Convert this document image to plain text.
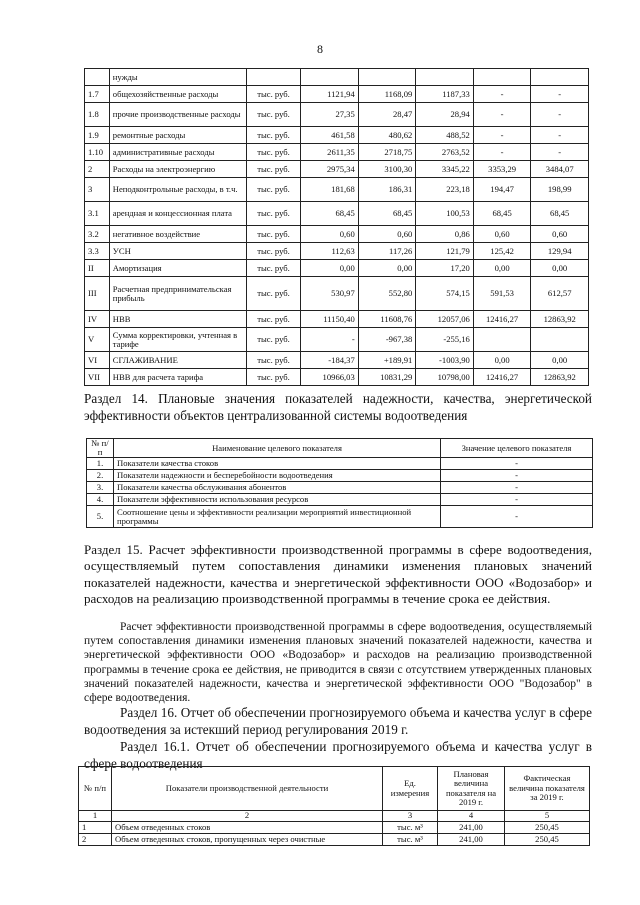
8
	нужды						
1.7	общехозяйственные расходы	тыс. руб.	1121,94	1168,09	1187,33	-	-
1.8	прочие производственные расходы	тыс. руб.	27,35	28,47	28,94	-	-
1.9	ремонтные расходы	тыс. руб.	461,58	480,62	488,52	-	-
1.10	административные расходы	тыс. руб.	2611,35	2718,75	2763,52	-	-
2	Расходы на электроэнергию	тыс. руб.	2975,34	3100,30	3345,22	3353,29	3484,07
3	Неподконтрольные расходы, в т.ч.	тыс. руб.	181,68	186,31	223,18	194,47	198,99
3.1	арендная и концессионная плата	тыс. руб.	68,45	68,45	100,53	68,45	68,45
3.2	негативное воздействие	тыс. руб.	0,60	0,60	0,86	0,60	0,60
3.3	УСН	тыс. руб.	112,63	117,26	121,79	125,42	129,94
II	Амортизация	тыс. руб.	0,00	0,00	17,20	0,00	0,00
III	Расчетная предпринимательская прибыль	тыс. руб.	530,97	552,80	574,15	591,53	612,57
IV	НВВ	тыс. руб.	11150,40	11608,76	12057,06	12416,27	12863,92
V	Сумма корректировки, учтенная в тарифе	тыс. руб.	-	-967,38	-255,16		
VI	СГЛАЖИВАНИЕ	тыс. руб.	-184,37	+189,91	-1003,90	0,00	0,00
VII	НВВ для расчета тарифа	тыс. руб.	10966,03	10831,29	10798,00	12416,27	12863,92

Раздел 14. Плановые значения показателей надежности, качества, энергетической эффективности объектов централизованной системы водоотведения

№ п/п	Наименование целевого показателя	Значение целевого показателя
1.	Показатели качества стоков	-
2.	Показатели надежности и бесперебойности водоотведения	-
3.	Показатели качества обслуживания абонентов	-
4.	Показатели эффективности использования ресурсов	-
5.	Соотношение цены и эффективности реализации мероприятий инвестиционной программы	-

Раздел 15. Расчет эффективности производственной программы в сфере водоотведения, осуществляемый путем сопоставления динамики изменения плановых значений показателей надежности, качества и энергетической эффективности ООО «Водозабор» и расходов на реализацию производственной программы в течение срока ее действия.

Расчет эффективности производственной программы в сфере водоотведения, осуществляемый путем сопоставления динамики изменения плановых значений показателей надежности, качества и энергетической эффективности ООО «Водозабор» и расходов на реализацию производственной программы в течение срока ее действия, не приводится в связи с отсутствием утвержденных плановых значений показателей надежности, качества и энергетической эффективности ООО "Водозабор" в сфере водоотведения.

Раздел 16. Отчет об обеспечении прогнозируемого объема и качества услуг в сфере водоотведения за истекший период регулирования 2019 г.

Раздел 16.1. Отчет об обеспечении прогнозируемого объема и качества услуг в сфере водоотведения

№ п/п	Показатели производственной деятельности	Ед. измерения	Плановая величина показателя на 2019 г.	Фактическая величина показателя за 2019 г.
1	2	3	4	5
1	Объем отведенных стоков	тыс. м³	241,00	250,45
2	Объем отведенных стоков, пропущенных через очистные	тыс. м³	241,00	250,45
